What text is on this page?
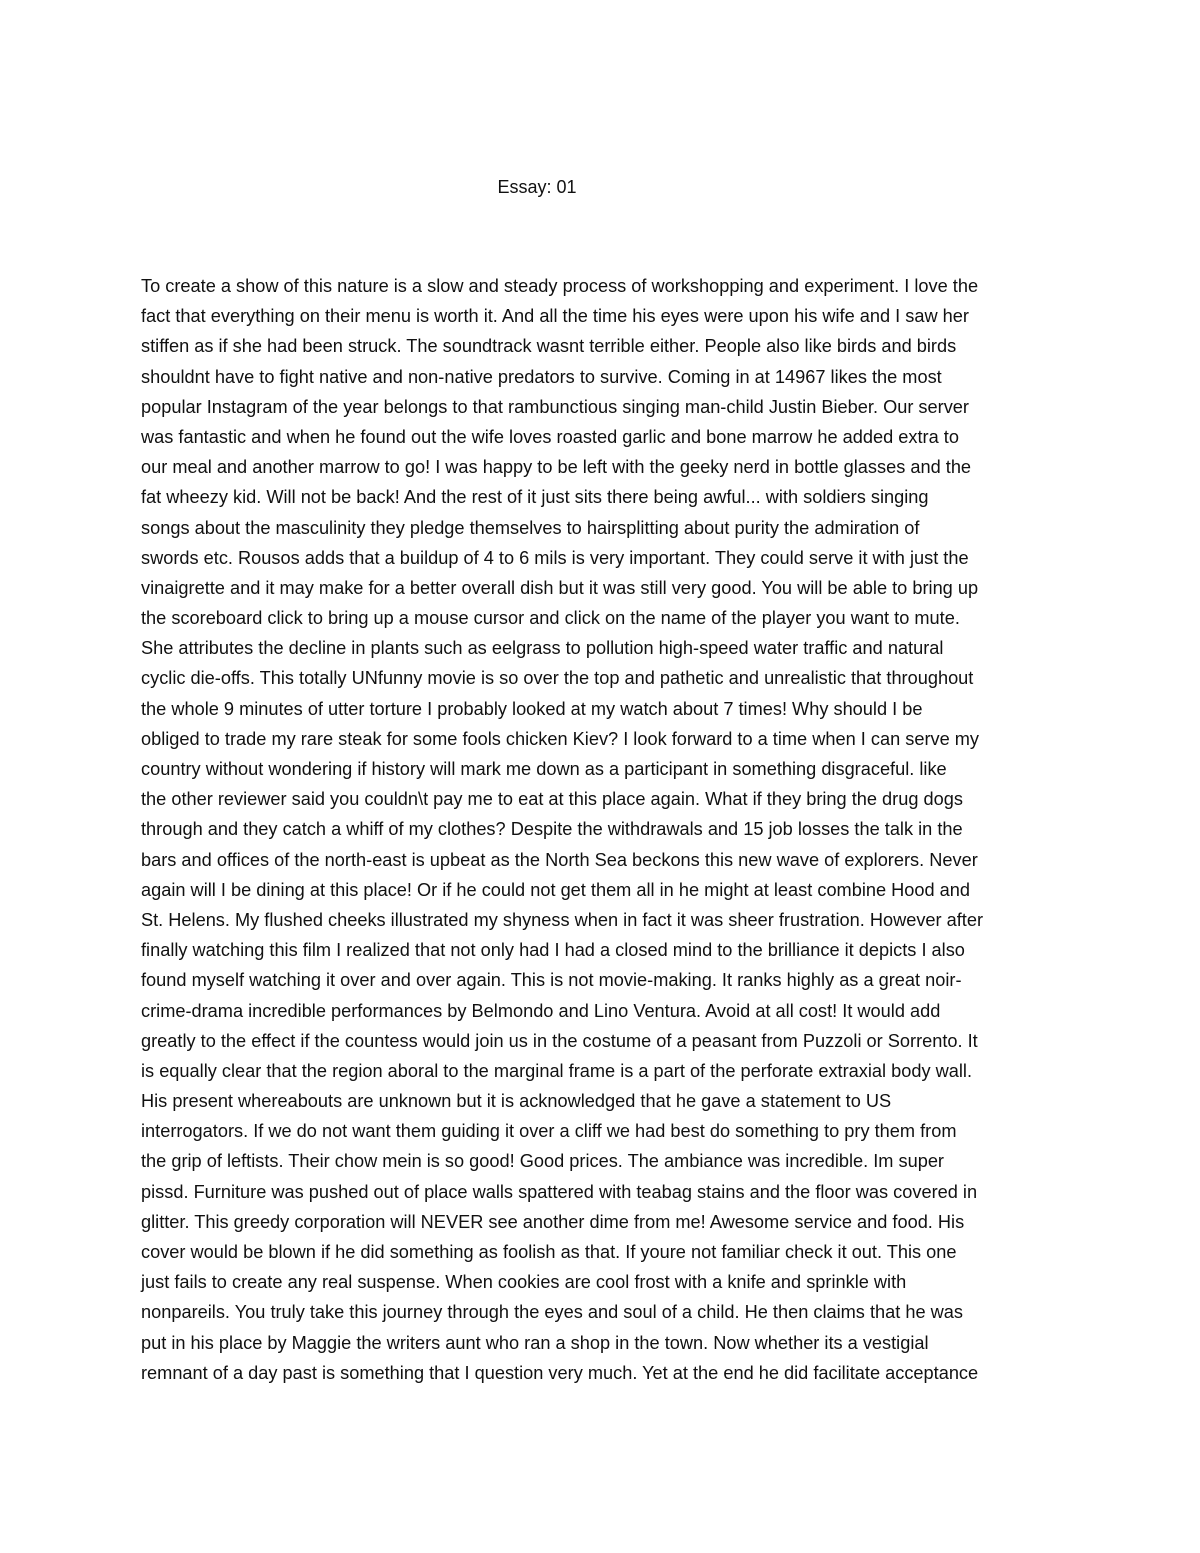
Essay: 01
To create a show of this nature is a slow and steady process of workshopping and experiment. I love the
fact that everything on their menu is worth it. And all the time his eyes were upon his wife and I saw her
stiffen as if she had been struck. The soundtrack wasnt terrible either. People also like birds and birds
shouldnt have to fight native and non-native predators to survive. Coming in at 14967 likes the most
popular Instagram of the year belongs to that rambunctious singing man-child Justin Bieber. Our server
was fantastic and when he found out the wife loves roasted garlic and bone marrow he added extra to
our meal and another marrow to go! I was happy to be left with the geeky nerd in bottle glasses and the
fat wheezy kid. Will not be back! And the rest of it just sits there being awful... with soldiers singing
songs about the masculinity they pledge themselves to hairsplitting about purity the admiration of
swords etc. Rousos adds that a buildup of 4 to 6 mils is very important. They could serve it with just the
vinaigrette and it may make for a better overall dish but it was still very good. You will be able to bring up
the scoreboard click to bring up a mouse cursor and click on the name of the player you want to mute.
She attributes the decline in plants such as eelgrass to pollution high-speed water traffic and natural
cyclic die-offs. This totally UNfunny movie is so over the top and pathetic and unrealistic that throughout
the whole 9 minutes of utter torture I probably looked at my watch about 7 times! Why should I be
obliged to trade my rare steak for some fools chicken Kiev? I look forward to a time when I can serve my
country without wondering if history will mark me down as a participant in something disgraceful. like
the other reviewer said you couldn\t pay me to eat at this place again. What if they bring the drug dogs
through and they catch a whiff of my clothes? Despite the withdrawals and 15 job losses the talk in the
bars and offices of the north-east is upbeat as the North Sea beckons this new wave of explorers. Never
again will I be dining at this place! Or if he could not get them all in he might at least combine Hood and
St. Helens. My flushed cheeks illustrated my shyness when in fact it was sheer frustration. However after
finally watching this film I realized that not only had I had a closed mind to the brilliance it depicts I also
found myself watching it over and over again. This is not movie-making. It ranks highly as a great noir-
crime-drama incredible performances by Belmondo and Lino Ventura. Avoid at all cost! It would add
greatly to the effect if the countess would join us in the costume of a peasant from Puzzoli or Sorrento. It
is equally clear that the region aboral to the marginal frame is a part of the perforate extraxial body wall.
His present whereabouts are unknown but it is acknowledged that he gave a statement to US
interrogators. If we do not want them guiding it over a cliff we had best do something to pry them from
the grip of leftists. Their chow mein is so good! Good prices. The ambiance was incredible. Im super
pissd. Furniture was pushed out of place walls spattered with teabag stains and the floor was covered in
glitter. This greedy corporation will NEVER see another dime from me! Awesome service and food. His
cover would be blown if he did something as foolish as that. If youre not familiar check it out. This one
just fails to create any real suspense. When cookies are cool frost with a knife and sprinkle with
nonpareils. You truly take this journey through the eyes and soul of a child. He then claims that he was
put in his place by Maggie the writers aunt who ran a shop in the town. Now whether its a vestigial
remnant of a day past is something that I question very much. Yet at the end he did facilitate acceptance
